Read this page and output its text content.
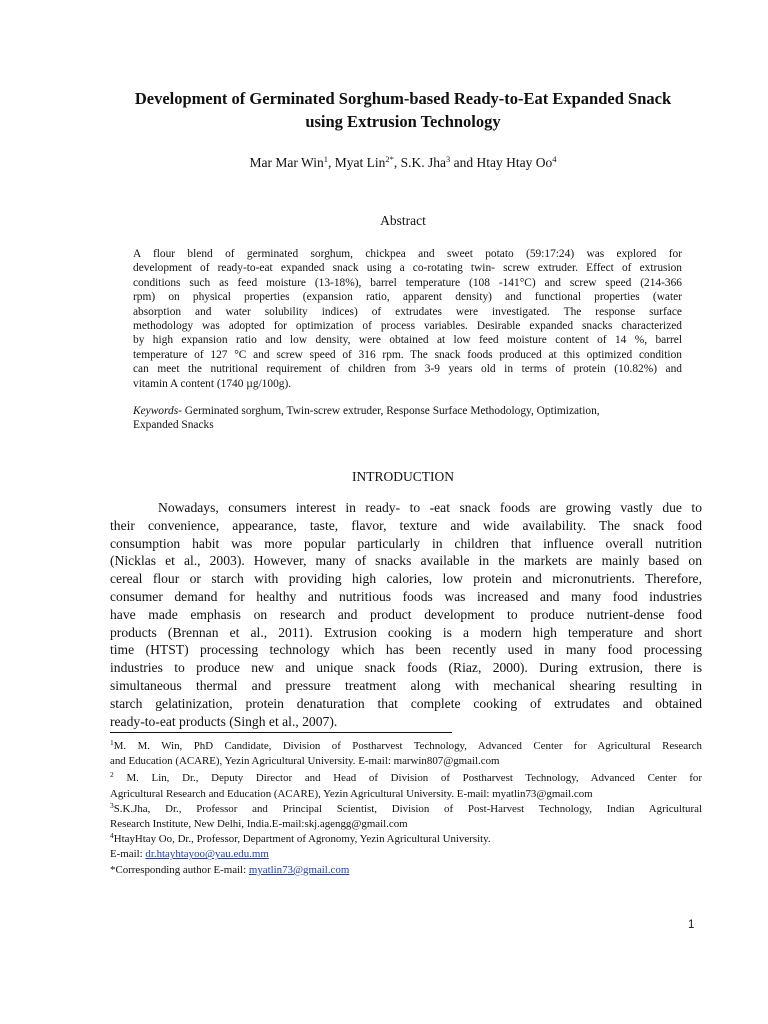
Development of Germinated Sorghum-based Ready-to-Eat Expanded Snack
using Extrusion Technology
Mar Mar Win$^1$, Myat Lin$^{2*}$, S.K. Jha$^3$ and Htay Htay Oo$^4$
Abstract
A flour blend of germinated sorghum, chickpea and sweet potato (59:17:24) was explored for
development of ready-to-eat expanded snack using a co-rotating twin- screw extruder. Effect of extrusion
conditions such as feed moisture (13-18%), barrel temperature (108 -141°C) and screw speed (214-366
rpm) on physical properties (expansion ratio, apparent density) and functional properties (water
absorption and water solubility indices) of extrudates were investigated. The response surface
methodology was adopted for optimization of process variables. Desirable expanded snacks characterized
by high expansion ratio and low density, were obtained at low feed moisture content of 14 %, barrel
temperature of 127 °C and screw speed of 316 rpm. The snack foods produced at this optimized condition
can meet the nutritional requirement of children from 3-9 years old in terms of protein (10.82%) and
vitamin A content (1740 µg/100g).
Keywords- Germinated sorghum, Twin-screw extruder, Response Surface Methodology, Optimization,
Expanded Snacks
INTRODUCTION
Nowadays, consumers interest in ready- to -eat snack foods are growing vastly due to
their convenience, appearance, taste, flavor, texture and wide availability. The snack food
consumption habit was more popular particularly in children that influence overall nutrition
(Nicklas et al., 2003). However, many of snacks available in the markets are mainly based on
cereal flour or starch with providing high calories, low protein and micronutrients. Therefore,
consumer demand for healthy and nutritious foods was increased and many food industries
have made emphasis on research and product development to produce nutrient-dense food
products (Brennan et al., 2011). Extrusion cooking is a modern high temperature and short
time (HTST) processing technology which has been recently used in many food processing
industries to produce new and unique snack foods (Riaz, 2000). During extrusion, there is
simultaneous thermal and pressure treatment along with mechanical shearing resulting in
starch gelatinization, protein denaturation that complete cooking of extrudates and obtained
ready-to-eat products (Singh et al., 2007).
$^1$M. M. Win, PhD Candidate, Division of Postharvest Technology, Advanced Center for Agricultural Research
and Education (ACARE), Yezin Agricultural University. E-mail: marwin807@gmail.com
$^2$ M. Lin, Dr., Deputy Director and Head of Division of Postharvest Technology, Advanced Center for
Agricultural Research and Education (ACARE), Yezin Agricultural University. E-mail: myatlin73@gmail.com
$^3$S.K.Jha, Dr., Professor and Principal Scientist, Division of Post-Harvest Technology, Indian Agricultural
Research Institute, New Delhi, India.E-mail:skj.agengg@gmail.com
$^4$HtayHtay Oo, Dr., Professor, Department of Agronomy, Yezin Agricultural University.
E-mail: dr.htayhtayoo@yau.edu.mm
*Corresponding author E-mail: myatlin73@gmail.com
1
